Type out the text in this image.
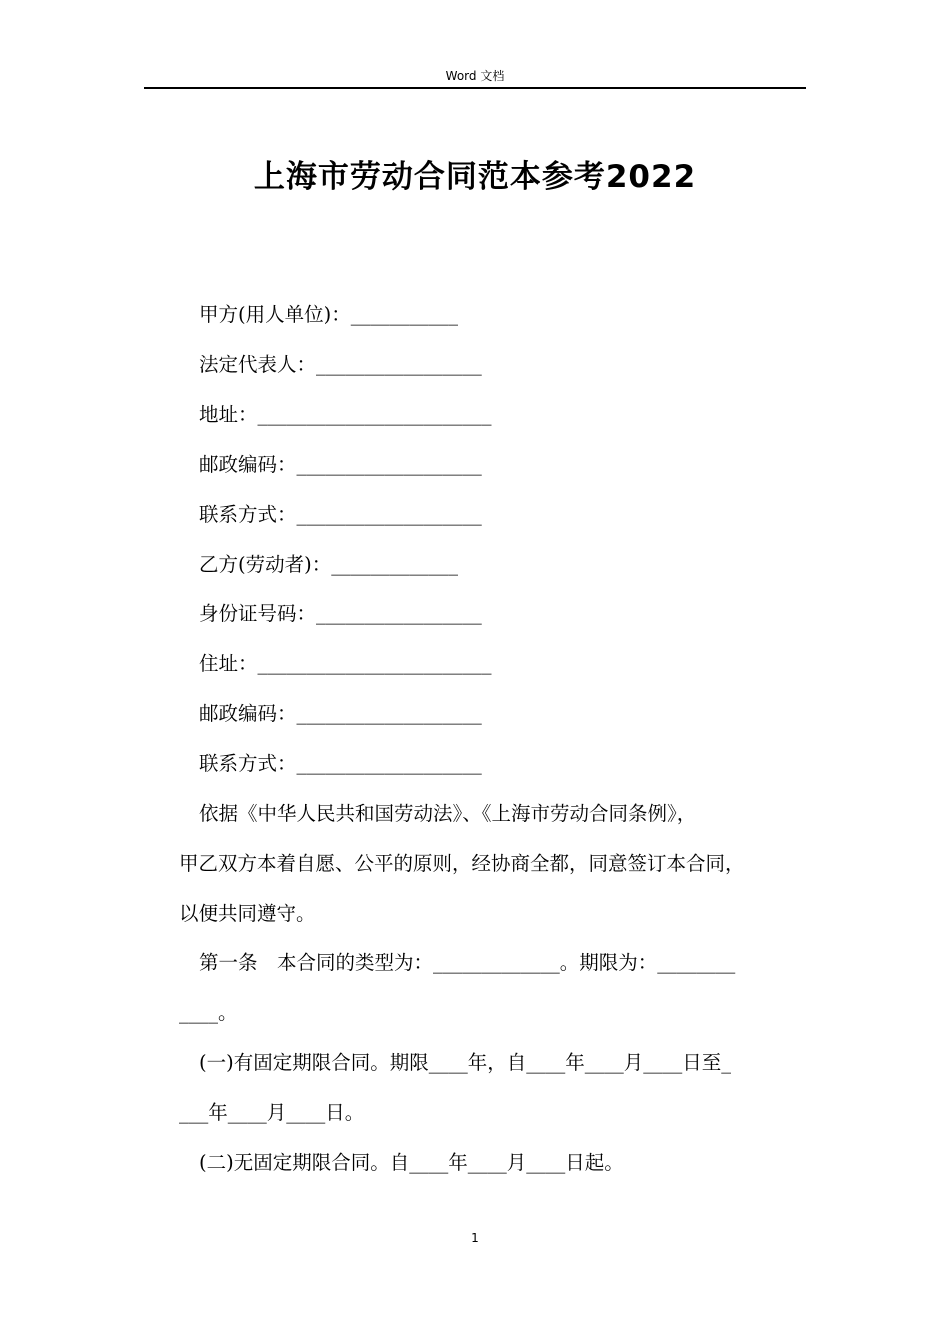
Word 文档
上海市劳动合同范本参考2022
甲方(用人单位)：___________
法定代表人：_________________
地址：________________________
邮政编码：___________________
联系方式：___________________
乙方(劳动者)：_____________
身份证号码：_________________
住址：________________________
邮政编码：___________________
联系方式：___________________
依据《中华人民共和国劳动法》、《上海市劳动合同条例》，
甲乙双方本着自愿、公平的原则，经协商全都，同意签订本合同，
以便共同遵守。
第一条　本合同的类型为：_____________。期限为：________
____。
(一)有固定期限合同。期限____年，自____年____月____日至_
___年____月____日。
(二)无固定期限合同。自____年____月____日起。
1
